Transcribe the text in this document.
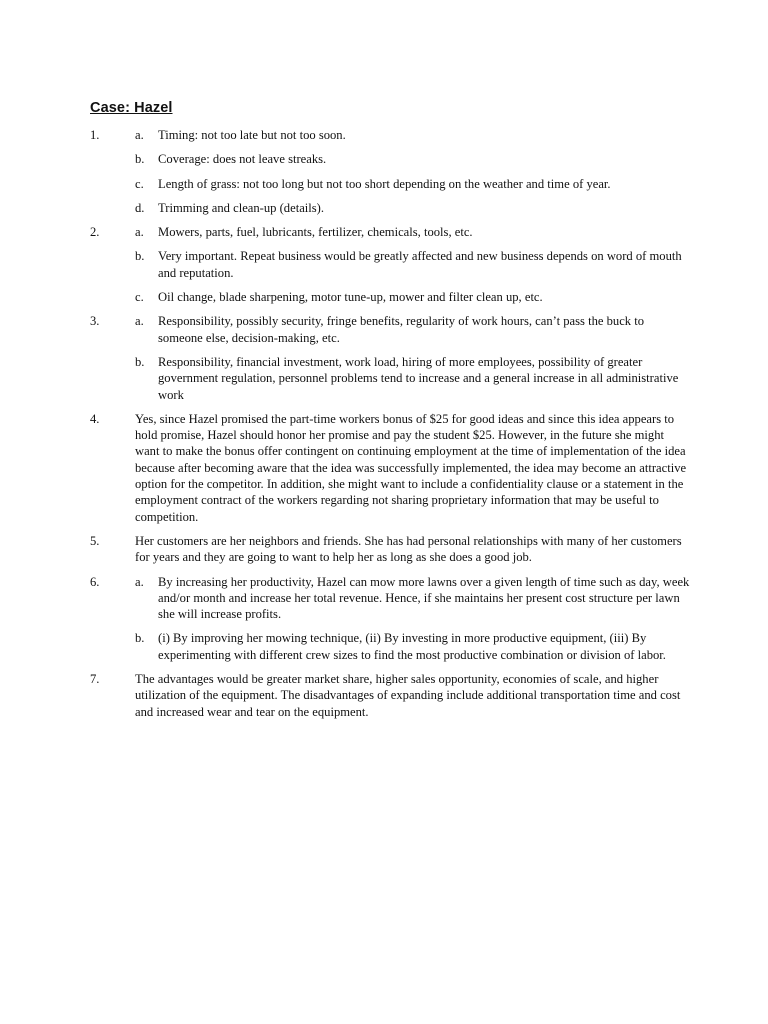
Case: Hazel
1.	a. Timing: not too late but not too soon.
b. Coverage: does not leave streaks.
c. Length of grass: not too long but not too short depending on the weather and time of year.
d. Trimming and clean-up (details).
2.	a. Mowers, parts, fuel, lubricants, fertilizer, chemicals, tools, etc.
b. Very important. Repeat business would be greatly affected and new business depends on word of mouth and reputation.
c. Oil change, blade sharpening, motor tune-up, mower and filter clean up, etc.
3.	a. Responsibility, possibly security, fringe benefits, regularity of work hours, can’t pass the buck to someone else, decision-making, etc.
b. Responsibility, financial investment, work load, hiring of more employees, possibility of greater government regulation, personnel problems tend to increase and a general increase in all administrative work
4.	Yes, since Hazel promised the part-time workers bonus of $25 for good ideas and since this idea appears to hold promise, Hazel should honor her promise and pay the student $25. However, in the future she might want to make the bonus offer contingent on continuing employment at the time of implementation of the idea because after becoming aware that the idea was successfully implemented, the idea may become an attractive option for the competitor. In addition, she might want to include a confidentiality clause or a statement in the employment contract of the workers regarding not sharing proprietary information that may be useful to competition.
5.	Her customers are her neighbors and friends. She has had personal relationships with many of her customers for years and they are going to want to help her as long as she does a good job.
6.	a. By increasing her productivity, Hazel can mow more lawns over a given length of time such as day, week and/or month and increase her total revenue. Hence, if she maintains her present cost structure per lawn she will increase profits.
b. (i) By improving her mowing technique, (ii) By investing in more productive equipment, (iii) By experimenting with different crew sizes to find the most productive combination or division of labor.
7.	The advantages would be greater market share, higher sales opportunity, economies of scale, and higher utilization of the equipment. The disadvantages of expanding include additional transportation time and cost and increased wear and tear on the equipment.
